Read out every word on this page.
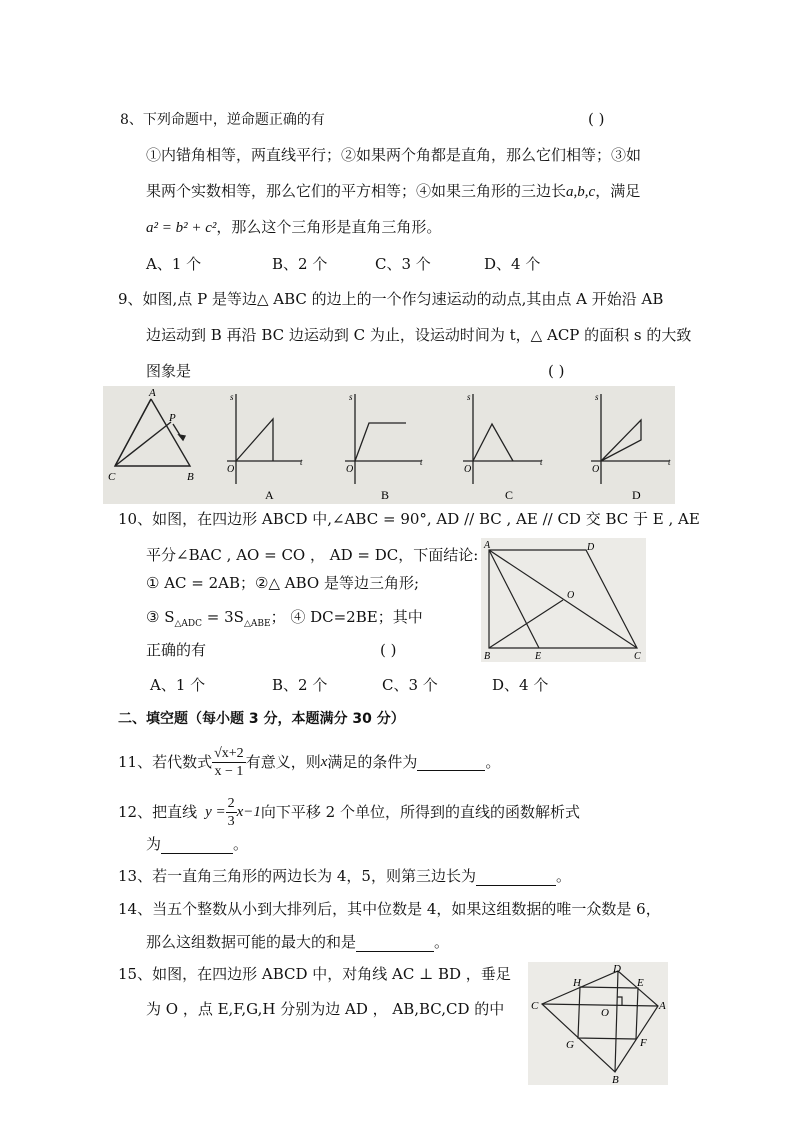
8、下列命题中，逆命题正确的有	( )
①内错角相等，两直线平行；②如果两个角都是直角，那么它们相等；③如
果两个实数相等，那么它们的平方相等；④如果三角形的三边长a,b,c，满足
a² = b² + c²，那么这个三角形是直角三角形。
A、1 个	B、2 个	C、3 个	D、4 个
9、如图,点 P 是等边△ ABC 的边上的一个作匀速运动的动点,其由点 A 开始沿 AB
边运动到 B 再沿 BC 边运动到 C 为止，设运动时间为 t，△ ACP 的面积 s 的大致
图象是	( )
A
P
B
C
s
t
O
A
s
t
O
B
s
t
O
C
s
t
O
D
10、如图，在四边形 ABCD 中,∠ABC = 90°, AD // BC , AE // CD 交 BC 于 E , AE
平分∠BAC , AO = CO ， AD = DC，下面结论:
① AC = 2AB；②△ ABO 是等边三角形;
③ $S_{\triangle ADC} = 3S_{\triangle ABE}$； ④ DC=2BE；其中
正确的有	( )
A、1 个	B、2 个	C、3 个	D、4 个
A	D
O
B	E	C
二、填空题（每小题 3 分，本题满分 30 分）
11、若代数式 $\frac{√x+2}{x - 1}$ 有意义，则 x 满足的条件为	。
12、把直线 $y = \frac{2}{3} x-1$ 向下平移 2 个单位，所得到的直线的函数解析式
为	。
13、若一直角三角形的两边长为 4，5，则第三边长为	。
14、当五个整数从小到大排列后，其中位数是 4，如果这组数据的唯一众数是 6，
那么这组数据可能的最大的和是	。
15、如图，在四边形 ABCD 中，对角线 AC ⊥ BD ，垂足
为 O ，点 E,F,G,H 分别为边 AD ， AB,BC,CD 的中
D
H	E
C
O
A
G	F
B
